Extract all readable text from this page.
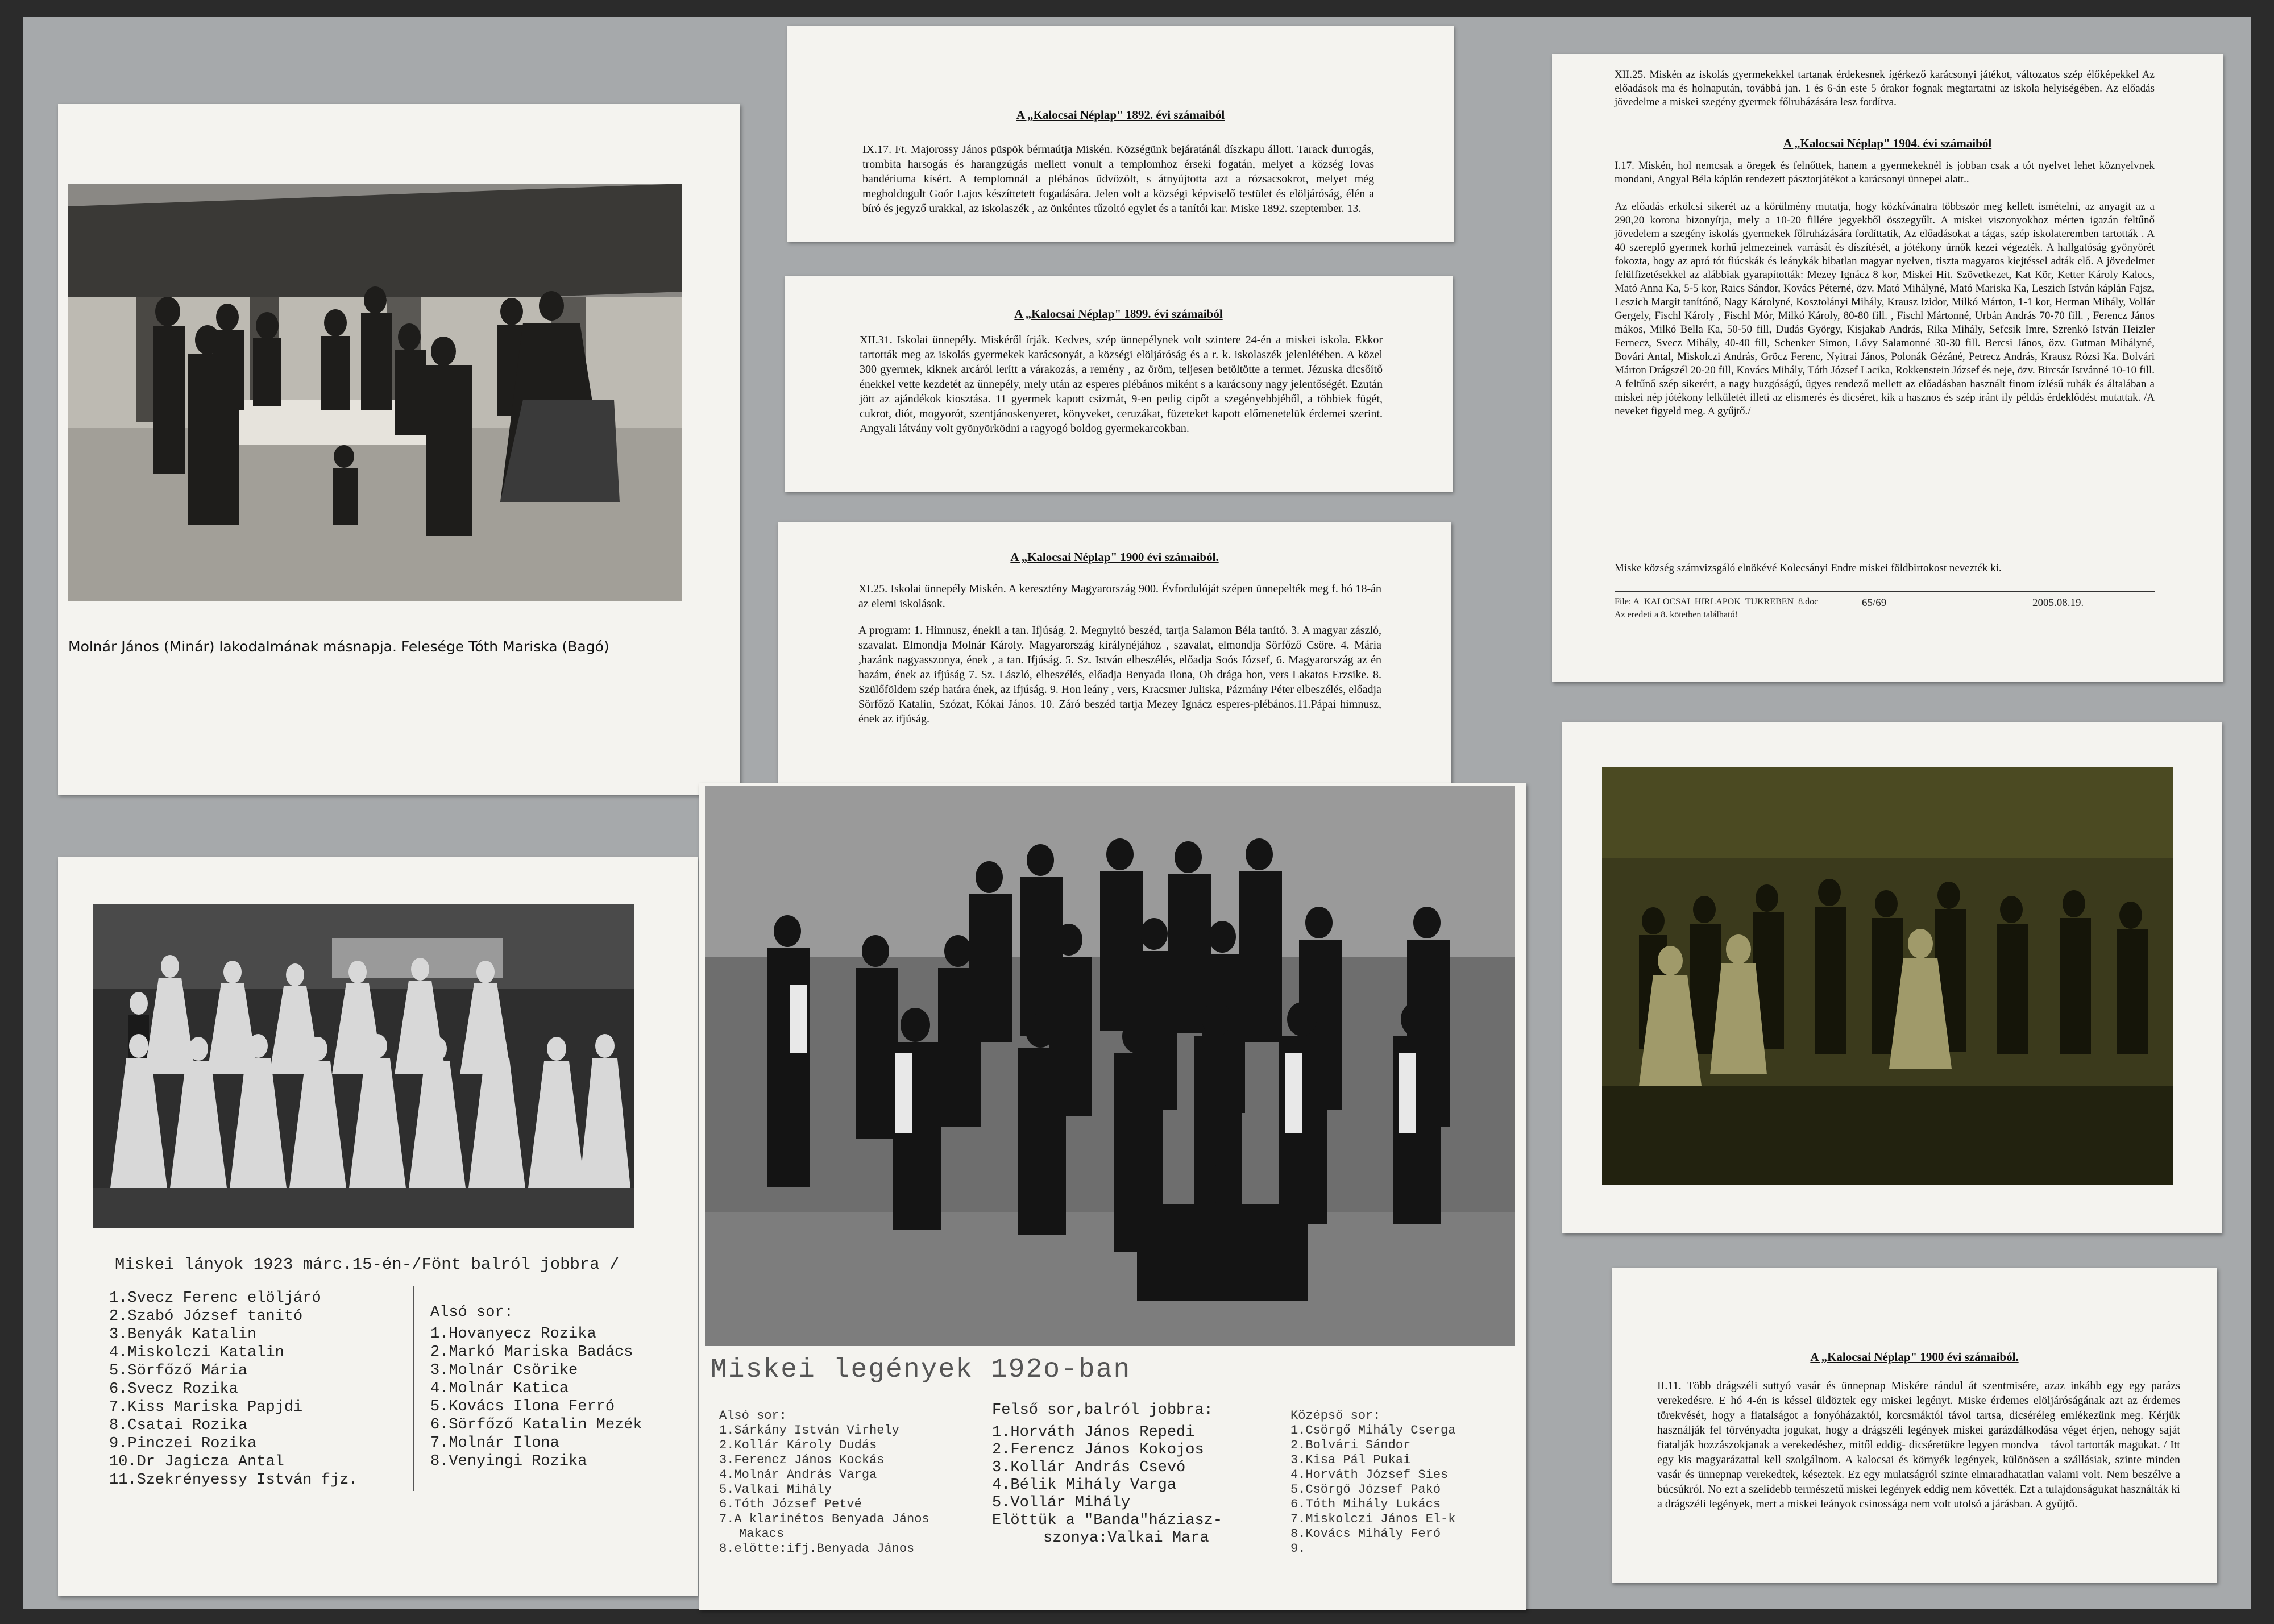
Molnár János (Minár) lakodalmának másnapja. Felesége Tóth Mariska (Bagó)
A „Kalocsai Néplap" 1892. évi számaiból
IX.17. Ft. Majorossy János püspök bérmaútja Miskén. Községünk bejáratánál díszkapu állott. Tarack durrogás, trombita harsogás és harangzúgás mellett vonult a templomhoz érseki fogatán, melyet a község lovas bandériuma kísért. A templomnál a plébános üdvözölt, s átnyújtotta azt a rózsacsokrot, melyet még megboldogult Goór Lajos készíttetett fogadására. Jelen volt a községi képviselő testület és elöljáróság, élén a bíró és jegyző urakkal, az iskolaszék , az önkéntes tűzoltó egylet és a tanítói kar. Miske 1892. szeptember. 13.
A „Kalocsai Néplap" 1899. évi számaiból
XII.31. Iskolai ünnepély. Miskéről írják. Kedves, szép ünnepélynek volt szintere 24-én a miskei iskola. Ekkor tartották meg az iskolás gyermekek karácsonyát, a községi elöljáróság és a r. k. iskolaszék jelenlétében. A közel 300 gyermek, kiknek arcáról lerítt a várakozás, a remény , az öröm, teljesen betöltötte a termet. Jézuska dicsőítő énekkel vette kezdetét az ünnepély, mely után az esperes plébános miként s a karácsony nagy jelentőségét. Ezután jött az ajándékok kiosztása. 11 gyermek kapott csizmát, 9-en pedig cipőt a szegényebbjéből, a többiek fügét, cukrot, diót, mogyorót, szentjánoskenyeret, könyveket, ceruzákat, füzeteket kapott előmenetelük érdemei szerint. Angyali látvány volt gyönyörködni a ragyogó boldog gyermekarcokban.
A „Kalocsai Néplap" 1900 évi számaiból.
XI.25. Iskolai ünnepély Miskén. A keresztény Magyarország 900. Évfordulóját szépen ünnepelték meg f. hó 18-án az elemi iskolások.
A program: 1. Himnusz, énekli a tan. Ifjúság. 2. Megnyitó beszéd, tartja Salamon Béla tanító. 3. A magyar zászló, szavalat. Elmondja Molnár Károly. Magyarország királynéjához , szavalat, elmondja Sörfőző Csöre. 4. Mária ,hazánk nagyasszonya, ének , a tan. Ifjúság. 5. Sz. István elbeszélés, előadja Soós József, 6. Magyarország az én hazám, ének az ifjúság 7. Sz. László, elbeszélés, előadja Benyada Ilona, Oh drága hon, vers Lakatos Erzsike. 8. Szülőföldem szép határa ének, az ifjúság. 9. Hon leány , vers, Kracsmer Juliska, Pázmány Péter elbeszélés, előadja Sörfőző Katalin, Szózat, Kókai János. 10. Záró beszéd tartja Mezey Ignácz esperes-plébános.11.Pápai himnusz, ének az ifjúság.
XII.25. Miskén az iskolás gyermekekkel tartanak érdekesnek ígérkező karácsonyi játékot, változatos szép élőképekkel Az előadások ma és holnapután, továbbá jan. 1 és 6-án este 5 órakor fognak megtartatni az iskola helyiségében. Az előadás jövedelme a miskei szegény gyermek főlruházására lesz fordítva.
A „Kalocsai Néplap" 1904. évi számaiból
I.17. Miskén, hol nemcsak a öregek és felnőttek, hanem a gyermekeknél is jobban csak a tót nyelvet lehet köznyelvnek mondani, Angyal Béla káplán rendezett pásztorjátékot a karácsonyi ünnepei alatt..
Az előadás erkölcsi sikerét az a körülmény mutatja, hogy közkívánatra többször meg kellett ismételni, az anyagit az a 290,20 korona bizonyítja, mely a 10-20 fillére jegyekből összegyűlt. A miskei viszonyokhoz mérten igazán feltűnő jövedelem a szegény iskolás gyermekek főlruházására fordíttatik, Az előadásokat a tágas, szép iskolateremben tartották . A 40 szereplő gyermek korhű jelmezeinek varrását és díszítését, a jótékony úrnők kezei végezték. A hallgatóság gyönyörét fokozta, hogy az apró tót fiúcskák és leánykák bibatlan magyar nyelven, tiszta magyaros kiejtéssel adták elő. A jövedelmet felülfizetésekkel az alábbiak gyarapították: Mezey Ignácz 8 kor, Miskei Hit. Szövetkezet, Kat Kör, Ketter Károly Kalocs, Mató Anna Ka, 5-5 kor, Raics Sándor, Kovács Péterné, özv. Mató Mihályné, Mató Mariska Ka, Leszich István káplán Fajsz, Leszich Margit tanítónő, Nagy Károlyné, Kosztolányi Mihály, Krausz Izidor, Milkó Márton, 1-1 kor, Herman Mihály, Vollár Gergely, Fischl Károly , Fischl Mór, Milkó Károly, 80-80 fill. , Fischl Mártonné, Urbán András 70-70 fill. , Ferencz János mákos, Milkó Bella Ka, 50-50 fill, Dudás György, Kisjakab András, Rika Mihály, Sefcsik Imre, Szrenkó István Heizler Fernecz, Svecz Mihály, 40-40 fill, Schenker Simon, Lővy Salamonné 30-30 fill. Bercsi János, özv. Gutman Mihályné, Bovári Antal, Miskolczi András, Gröcz Ferenc, Nyitrai János, Polonák Gézáné, Petrecz András, Krausz Rózsi Ka. Bolvári Márton Drágszél 20-20 fill, Kovács Mihály, Tóth József Lacika, Rokkenstein József és neje, özv. Bircsár Istvánné 10-10 fill. A feltűnő szép sikerért, a nagy buzgóságú, ügyes rendező mellett az előadásban használt finom ízlésű ruhák és általában a miskei nép jótékony lelkületét illeti az elismerés és dicséret, kik a hasznos és szép iránt ily példás érdeklődést mutattak. /A neveket figyeld meg. A gyűjtő./
Miske község számvizsgáló elnökévé Kolecsányi Endre miskei földbirtokost nevezték ki.
File: A_KALOCSAI_HIRLAPOK_TUKREBEN_8.doc
Az eredeti a 8. kötetben található!
65/69	2005.08.19.
A „Kalocsai Néplap" 1900 évi számaiból.
II.11. Több drágszéli suttyó vasár és ünnepnap Miskére rándul át szentmisére, azaz inkább egy egy parázs verekedésre. E hó 4-én is késsel üldöztek egy miskei legényt. Miske érdemes elöljáróságának azt az érdemes törekvését, hogy a fiatalságot a fonyóházaktól, korcsmáktól távol tartsa, dicséréleg emlékezünk meg. Kérjük használják fel törvényadta jogukat, hogy a drágszéli legények miskei garázdálkodása véget érjen, nehogy saját fiatalják hozzászokjanak a verekedéshez, mitől eddig- dicséretükre legyen mondva – távol tartották magukat. / Itt egy kis magyarázattal kell szolgálnom. A kalocsai és környék legények, különösen a szállásiak, szinte minden vasár és ünnepnap verekedtek, késeztek. Ez egy mulatságról szinte elmaradhatatlan valami volt. Nem beszélve a búcsúkról. No ezt a szelídebb természetű miskei legények eddig nem követték. Ezt a tulajdonságukat használták ki a drágszéli legények, mert a miskei leányok csinossága nem volt utolsó a járásban. A gyűjtő.
Miskei lányok 1923 márc.15-én-/Fönt balról jobbra /
1.Svecz Ferenc elöljáró
2.Szabó József tanitó
3.Benyák Katalin
4.Miskolczi Katalin
5.Sörfőző Mária
6.Svecz Rozika
7.Kiss Mariska Papjdi
8.Csatai Rozika
9.Pinczei Rozika
10.Dr Jagicza Antal
11.Szekrényessy István fjz.
Alsó sor:
1.Hovanyecz Rozika
2.Markó Mariska Badács
3.Molnár Csörike
4.Molnár Katica
5.Kovács Ilona Ferró
6.Sörfőző Katalin Mezék
7.Molnár Ilona
8.Venyingi Rozika
Miskei legények 192o-ban
Alsó sor:
1.Sárkány István Virhely
2.Kollár Károly Dudás
3.Ferencz János Kockás
4.Molnár András Varga
5.Valkai Mihály
6.Tóth József Petvé
7.A klarinétos Benyada János
Makacs
8.elötte:ifj.Benyada János
Felső sor,balról jobbra:
1.Horváth János Repedi
2.Ferencz János Kokojos
3.Kollár András Csevó
4.Bélik Mihály Varga
5.Vollár Mihály
Elöttük a "Banda"háziasz-
szonya:Valkai Mara
Középső sor:
1.Csörgő Mihály Cserga
2.Bolvári Sándor
3.Kisa Pál Pukai
4.Horváth József Sies
5.Csörgő József Pakó
6.Tóth Mihály Lukács
7.Miskolczi János El-k
8.Kovács Mihály Feró
9.
